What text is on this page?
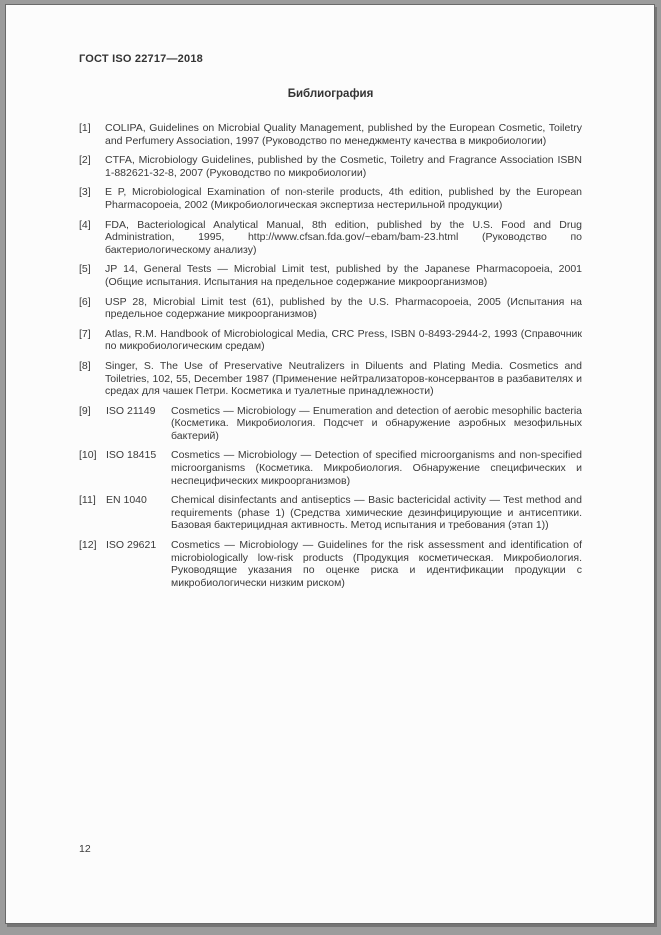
ГОСТ ISO 22717—2018
Библиография
[1]	COLIPA, Guidelines on Microbial Quality Management, published by the European Cosmetic, Toiletry and Perfumery Association, 1997 (Руководство по менеджменту качества в микробиологии)
[2]	CTFA, Microbiology Guidelines, published by the Cosmetic, Toiletry and Fragrance Association ISBN 1-882621-32-8, 2007 (Руководство по микробиологии)
[3]	E P, Microbiological Examination of non-sterile products, 4th edition, published by the European Pharmacopoeia, 2002 (Микробиологическая экспертиза нестерильной продукции)
[4]	FDA, Bacteriological Analytical Manual, 8th edition, published by the U.S. Food and Drug Administration, 1995, http://www.cfsan.fda.gov/~ebam/bam-23.html (Руководство по бактериологическому анализу)
[5]	JP 14, General Tests — Microbial Limit test, published by the Japanese Pharmacopoeia, 2001 (Общие испытания. Испытания на предельное содержание микроорганизмов)
[6]	USP 28, Microbial Limit test (61), published by the U.S. Pharmacopoeia, 2005 (Испытания на предельное содержание микроорганизмов)
[7]	Atlas, R.M. Handbook of Microbiological Media, CRC Press, ISBN 0-8493-2944-2, 1993 (Справочник по микробиологическим средам)
[8]	Singer, S. The Use of Preservative Neutralizers in Diluents and Plating Media. Cosmetics and Toiletries, 102, 55, December 1987 (Применение нейтрализаторов-консервантов в разбавителях и средах для чашек Петри. Косметика и туалетные принадлежности)
[9]	ISO 21149	Cosmetics — Microbiology — Enumeration and detection of aerobic mesophilic bacteria (Косметика. Микробиология. Подсчет и обнаружение аэробных мезофильных бактерий)
[10] ISO 18415	Cosmetics — Microbiology — Detection of specified microorganisms and non-specified microorganisms (Косметика. Микробиология. Обнаружение специфических и неспецифических микроорганизмов)
[11] EN 1040	Chemical disinfectants and antiseptics — Basic bactericidal activity — Test method and requirements (phase 1) (Средства химические дезинфицирующие и антисептики. Базовая бактерицидная активность. Метод испытания и требования (этап 1))
[12] ISO 29621	Cosmetics — Microbiology — Guidelines for the risk assessment and identification of microbiologically low-risk products (Продукция косметическая. Микробиология. Руководящие указания по оценке риска и идентификации продукции с микробиологически низким риском)
12
